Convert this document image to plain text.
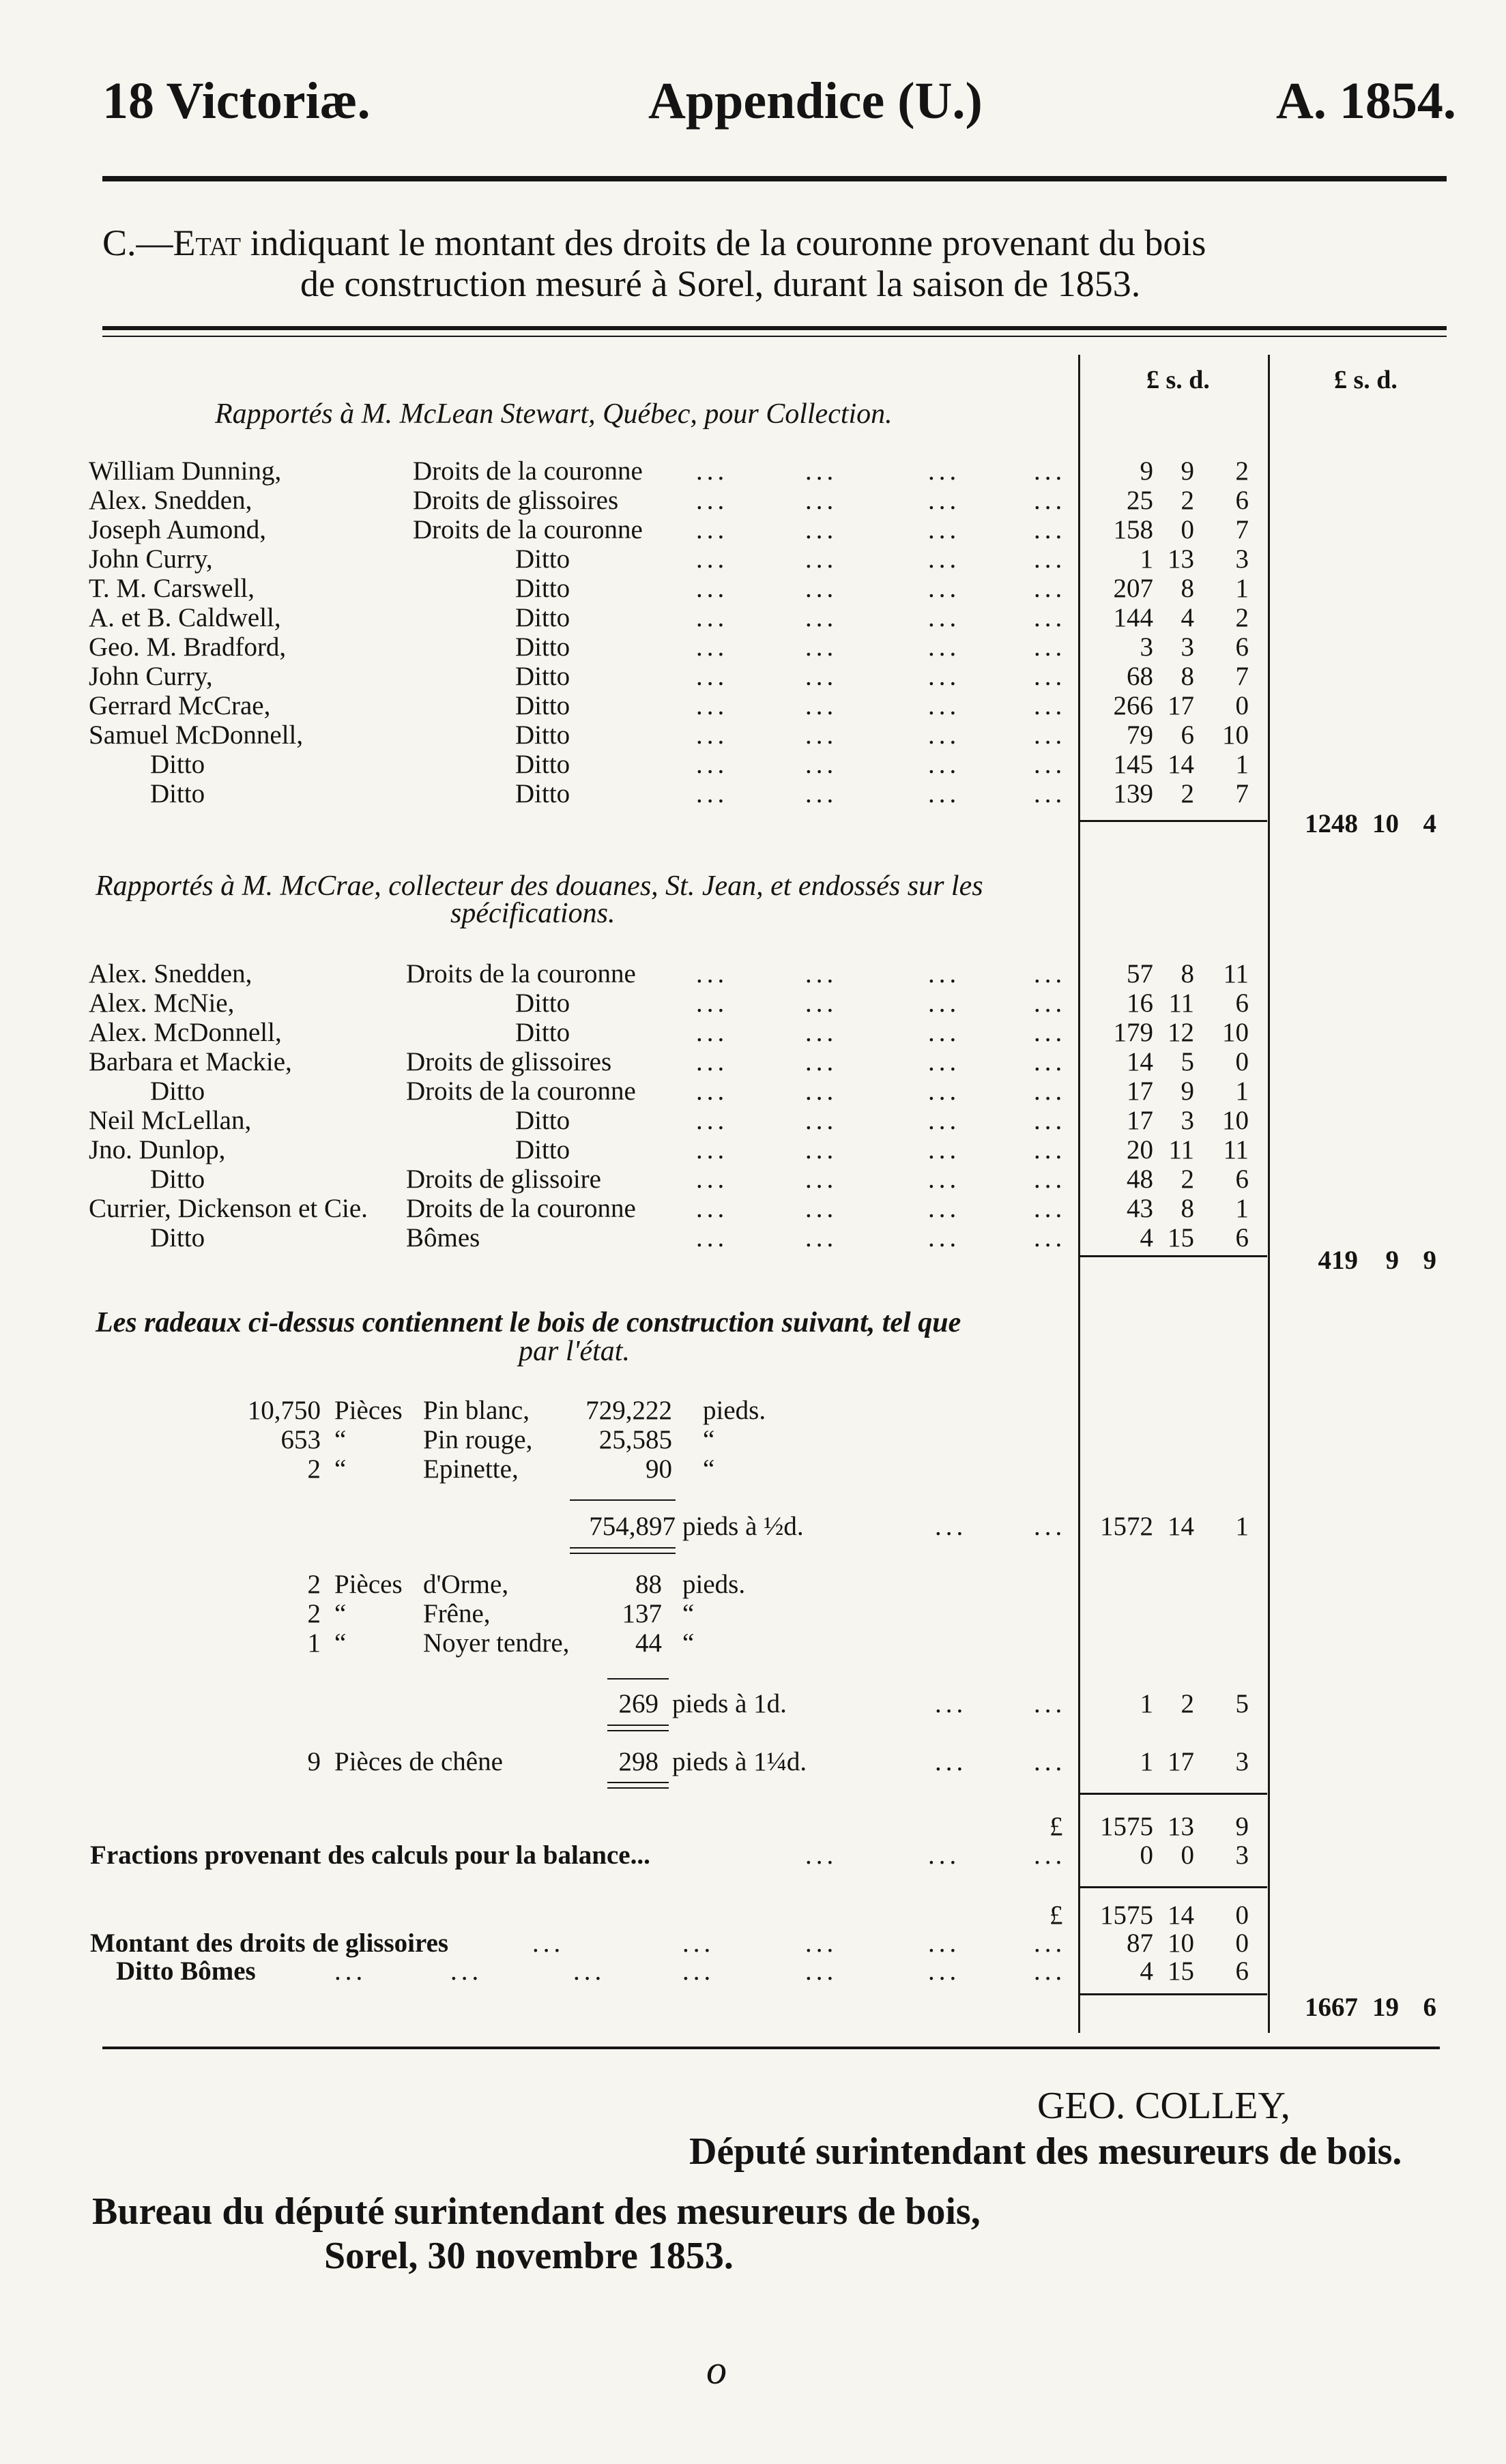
18 Victoriæ.	Appendice (U.)	A. 1854.
C.—Etat indiquant le montant des droits de la couronne provenant du bois
de construction mesuré à Sorel, durant la saison de 1853.
£ s. d.	£ s. d.
Rapportés à M. McLean Stewart, Québec, pour Collection.
William Dunning,	Droits de la couronne ...	...	...	...	9	9	2
Alex. Snedden,	Droits de glissoires	...	...	...	...	25	2	6
Joseph Aumond,	Droits de la couronne ...	...	...	...	158	0	7
John Curry,	Ditto	...	...	...	...	1 13	3
T. M. Carswell,	Ditto	...	...	...	...	207	8	1
A. et B. Caldwell,	Ditto	...	...	...	...	144	4	2
Geo. M. Bradford,	Ditto	...	...	...	...	3	3	6
John Curry,	Ditto	...	...	...	...	68	8	7
Gerrard McCrae,	Ditto	...	...	...	...	266 17	0
Samuel McDonnell,	Ditto	...	...	...	...	79	6	10
Ditto	Ditto	...	...	...	...	145 14	1
Ditto	Ditto	...	...	...	...	139	2	7
1248 10 4
Rapportés à M. McCrae, collecteur des douanes, St. Jean, et endossés sur les
spécifications.
Alex. Snedden,	Droits de la couronne ...	...	...	...	57	8	11
Alex. McNie,	Ditto	...	...	...	...	16 11	6
Alex. McDonnell,	Ditto	...	...	...	...	179 12	10
Barbara et Mackie,	Droits de glissoires	...	...	...	...	14	5	0
Ditto	Droits de la couronne ...	...	...	...	17	9	1
Neil McLellan,	Ditto	...	...	...	...	17	3	10
Jno. Dunlop,	Ditto	...	...	...	...	20 11	11
Ditto	Droits de glissoire	...	...	...	...	48	2	6
Currier, Dickenson et Cie. Droits de la couronne ...	...	...	...	43	8	1
Ditto	Bômes	...	...	...	...	4 15	6
419	9 9
Les radeaux ci-dessus contiennent le bois de construction suivant, tel que
par l'état.
10,750 Pièces Pin blanc,	729,222 pieds.
653 “	Pin rouge,	25,585 “
2 “	Epinette,	90 “
754,897 pieds à ½d.	...	...	1572 14	1
2 Pièces d'Orme,	88 pieds.
2 “	Frêne,	137 “
1 “	Noyer tendre,	44 “
269 pieds à 1d.	...	...	1	2	5
9 Pièces de chêne	298 pieds à 1¼d.	...	...	1 17	3
£	1575 13	9
Fractions provenant des calculs pour la balance...	...	...	...	0	0	3
£	1575 14	0
Montant des droits de glissoires	...	...	...	...	...	87 10	0
Ditto Bômes	...	...	...	...	...	...	...	4 15	6
1667 19 6
GEO. COLLEY,
Député surintendant des mesureurs de bois.
Bureau du député surintendant des mesureurs de bois,
Sorel, 30 novembre 1853.
o
